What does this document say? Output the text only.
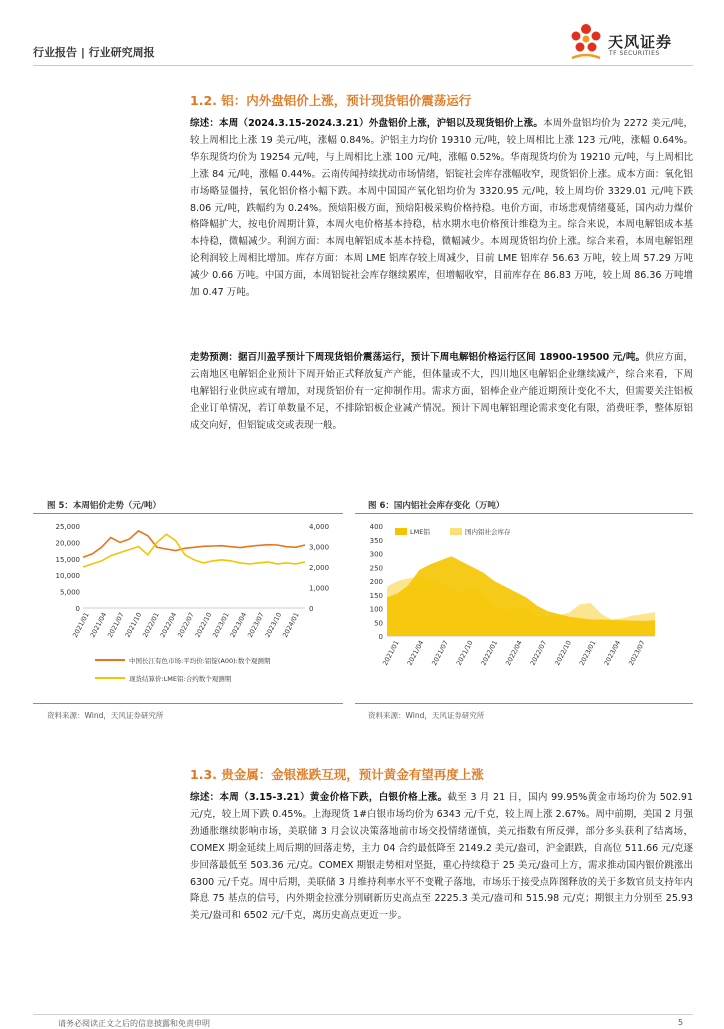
行业报告 | 行业研究周报
天风证券
TF SECURITIES
1.2. 铝：内外盘铝价上涨，预计现货铝价震荡运行
综述：本周（2024.3.15-2024.3.21）外盘铝价上涨，沪铝以及现货铝价上涨。本周外盘铝均价为 2272 美元/吨，较上周相比上涨 19 美元/吨，涨幅 0.84%。沪铝主力均价 19310 元/吨，较上周相比上涨 123 元/吨，涨幅 0.64%。华东现货均价为 19254 元/吨，与上周相比上涨 100 元/吨，涨幅 0.52%。华南现货均价为 19210 元/吨，与上周相比上涨 84 元/吨，涨幅 0.44%。云南传闻持续扰动市场情绪，铝锭社会库存涨幅收窄，现货铝价上涨。成本方面：氧化铝市场略显僵持，氧化铝价格小幅下跌。本周中国国产氧化铝均价为 3320.95 元/吨，较上周均价 3329.01 元/吨下跌 8.06 元/吨，跌幅约为 0.24%。预焙阳极方面，预焙阳极采购价格持稳。电价方面，市场悲观情绪蔓延，国内动力煤价格降幅扩大，按电价周期计算，本周火电价格基本持稳，枯水期水电价格预计维稳为主。综合来说，本周电解铝成本基本持稳，微幅减少。利润方面：本周电解铝成本基本持稳，微幅减少。本周现货铝均价上涨。综合来看，本周电解铝理论利润较上周相比增加。库存方面：本周 LME 铝库存较上周减少，目前 LME 铝库存 56.63 万吨，较上周 57.29 万吨减少 0.66 万吨。中国方面，本周铝锭社会库存继续累库，但增幅收窄，目前库存在 86.83 万吨，较上周 86.36 万吨增加 0.47 万吨。
走势预测：据百川盈孚预计下周现货铝价震荡运行，预计下周电解铝价格运行区间 18900-19500 元/吨。供应方面，云南地区电解铝企业预计下周开始正式释放复产产能，但体量或不大，四川地区电解铝企业继续减产，综合来看，下周电解铝行业供应或有增加，对现货铝价有一定抑制作用。需求方面，铝棒企业产能近期预计变化不大，但需要关注铝板企业订单情况，若订单数量不足，不排除铝板企业减产情况。预计下周电解铝理论需求变化有限，消费旺季，整体原铝成交向好，但铝锭成交或表现一般。
图 5：本周铝价走势（元/吨）
0
5,000
10,000
15,000
20,000
25,000
0
1,000
2,000
3,000
4,000
2021/01
2021/04
2021/07
2021/10
2022/01
2022/04
2022/07
2022/10
2023/01
2023/04
2023/07
2023/10
2024/01
中国长江有色市场:平均价:铝锭(A00):数个观测期
现货结算价:LME铝:合约数个观测期
资料来源：Wind，天风证券研究所
图 6：国内铝社会库存变化（万吨）
0
50
100
150
200
250
300
350
400
2021/01 2021/04 2021/07 2021/10 2022/01 2022/04 2022/07 2022/10 2023/01 2023/04 2023/07
LME铝	国内铝社会库存
资料来源：Wind，天风证券研究所
1.3. 贵金属：金银涨跌互现，预计黄金有望再度上涨
综述：本周（3.15-3.21）黄金价格下跌，白银价格上涨。截至 3 月 21 日，国内 99.95%黄金市场均价为 502.91 元/克，较上周下跌 0.45%。上海现货 1#白银市场均价为 6343 元/千克，较上周上涨 2.67%。周中前期，美国 2 月强劲通胀继续影响市场，美联储 3 月会议决策落地前市场交投情绪谨慎，美元指数有所反弹，部分多头获利了结离场，COMEX 期金延续上周后期的回落走势，主力 04 合约最低降至 2149.2 美元/盎司，沪金跟跌，自高位 511.66 元/克逐步回落最低至 503.36 元/克。COMEX 期银走势相对坚挺，重心持续稳于 25 美元/盎司上方，需求推动国内银价跳涨出 6300 元/千克。周中后期，美联储 3 月维持利率水平不变靴子落地，市场乐于接受点阵图释放的关于多数官员支持年内降息 75 基点的信号，内外期金拉涨分别刷新历史高点至 2225.3 美元/盎司和 515.98 元/克；期银主力分别至 25.93 美元/盎司和 6502 元/千克，离历史高点更近一步。
请务必阅读正文之后的信息披露和免责申明	5
